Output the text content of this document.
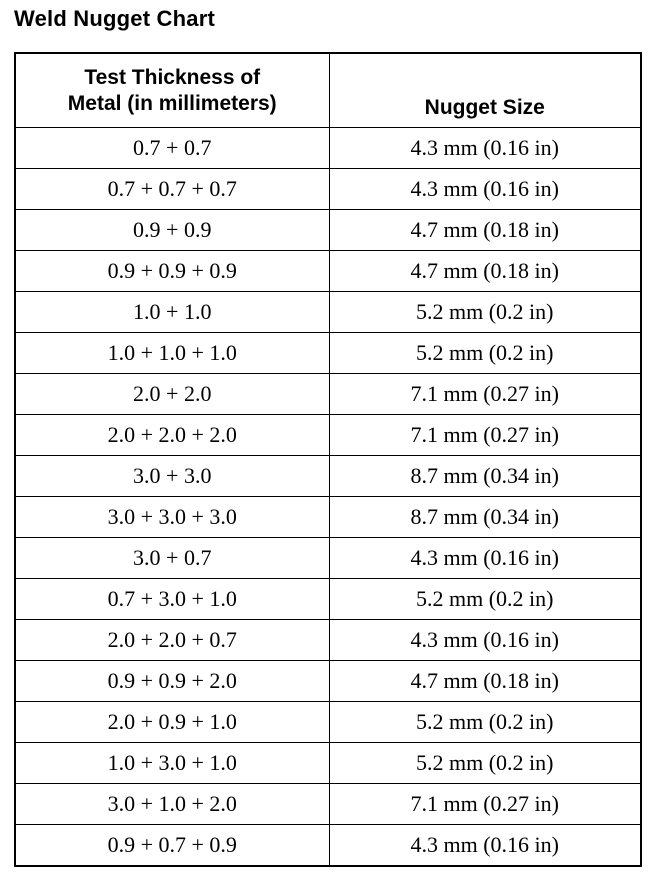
Weld Nugget Chart
Test Thickness of
Metal (in millimeters)	Nugget Size
0.7 + 0.7	4.3 mm (0.16 in)
0.7 + 0.7 + 0.7	4.3 mm (0.16 in)
0.9 + 0.9	4.7 mm (0.18 in)
0.9 + 0.9 + 0.9	4.7 mm (0.18 in)
1.0 + 1.0	5.2 mm (0.2 in)
1.0 + 1.0 + 1.0	5.2 mm (0.2 in)
2.0 + 2.0	7.1 mm (0.27 in)
2.0 + 2.0 + 2.0	7.1 mm (0.27 in)
3.0 + 3.0	8.7 mm (0.34 in)
3.0 + 3.0 + 3.0	8.7 mm (0.34 in)
3.0 + 0.7	4.3 mm (0.16 in)
0.7 + 3.0 + 1.0	5.2 mm (0.2 in)
2.0 + 2.0 + 0.7	4.3 mm (0.16 in)
0.9 + 0.9 + 2.0	4.7 mm (0.18 in)
2.0 + 0.9 + 1.0	5.2 mm (0.2 in)
1.0 + 3.0 + 1.0	5.2 mm (0.2 in)
3.0 + 1.0 + 2.0	7.1 mm (0.27 in)
0.9 + 0.7 + 0.9	4.3 mm (0.16 in)
